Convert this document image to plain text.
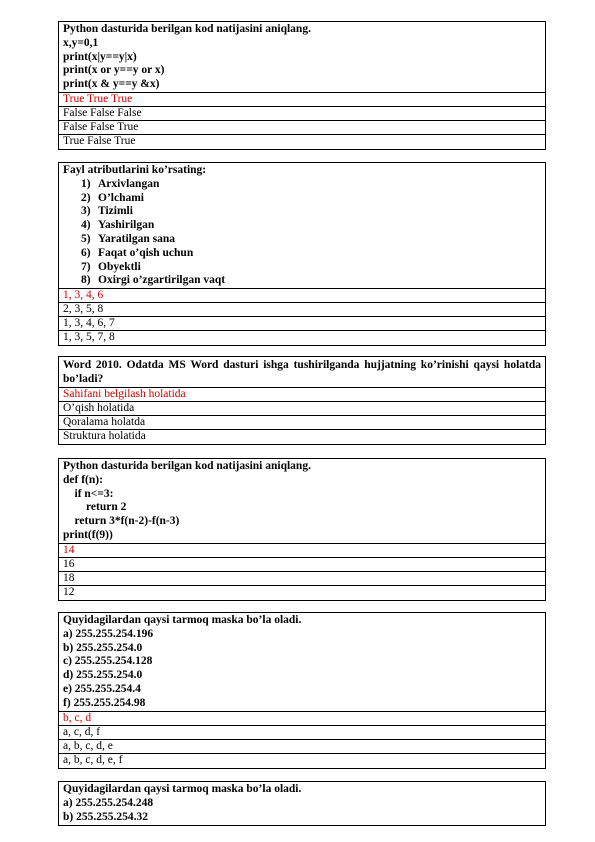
Python dasturida berilgan kod natijasini aniqlang.
x,y=0,1
print(x|y==y|x)
print(x or y==y or x)
print(x & y==y &x)
True True True
False False False
False False True
True False True
Fayl atributlarini ko’rsating:
1) Arxivlangan
2) O’lchami
3) Tizimli
4) Yashirilgan
5) Yaratilgan sana
6) Faqat o’qish uchun
7) Obyektli
8) Oxirgi o’zgartirilgan vaqt
1, 3, 4, 6
2, 3, 5, 8
1, 3, 4, 6, 7
1, 3, 5, 7, 8
Word 2010. Odatda MS Word dasturi ishga tushirilganda hujjatning ko’rinishi qaysi holatda bo’ladi?
Sahifani belgilash holatida
O’qish holatida
Qoralama holatda
Struktura holatida
Python dasturida berilgan kod natijasini aniqlang.
def f(n):
if n<=3:
return 2
return 3*f(n-2)-f(n-3)
print(f(9))
14
16
18
12
Quyidagilardan qaysi tarmoq maska bo’la oladi.
a) 255.255.254.196
b) 255.255.254.0
c) 255.255.254.128
d) 255.255.254.0
e) 255.255.254.4
f) 255.255.254.98
b, c, d
a, c, d, f
a, b, c, d, e
a, b, c, d, e, f
Quyidagilardan qaysi tarmoq maska bo’la oladi.
a) 255.255.254.248
b) 255.255.254.32
